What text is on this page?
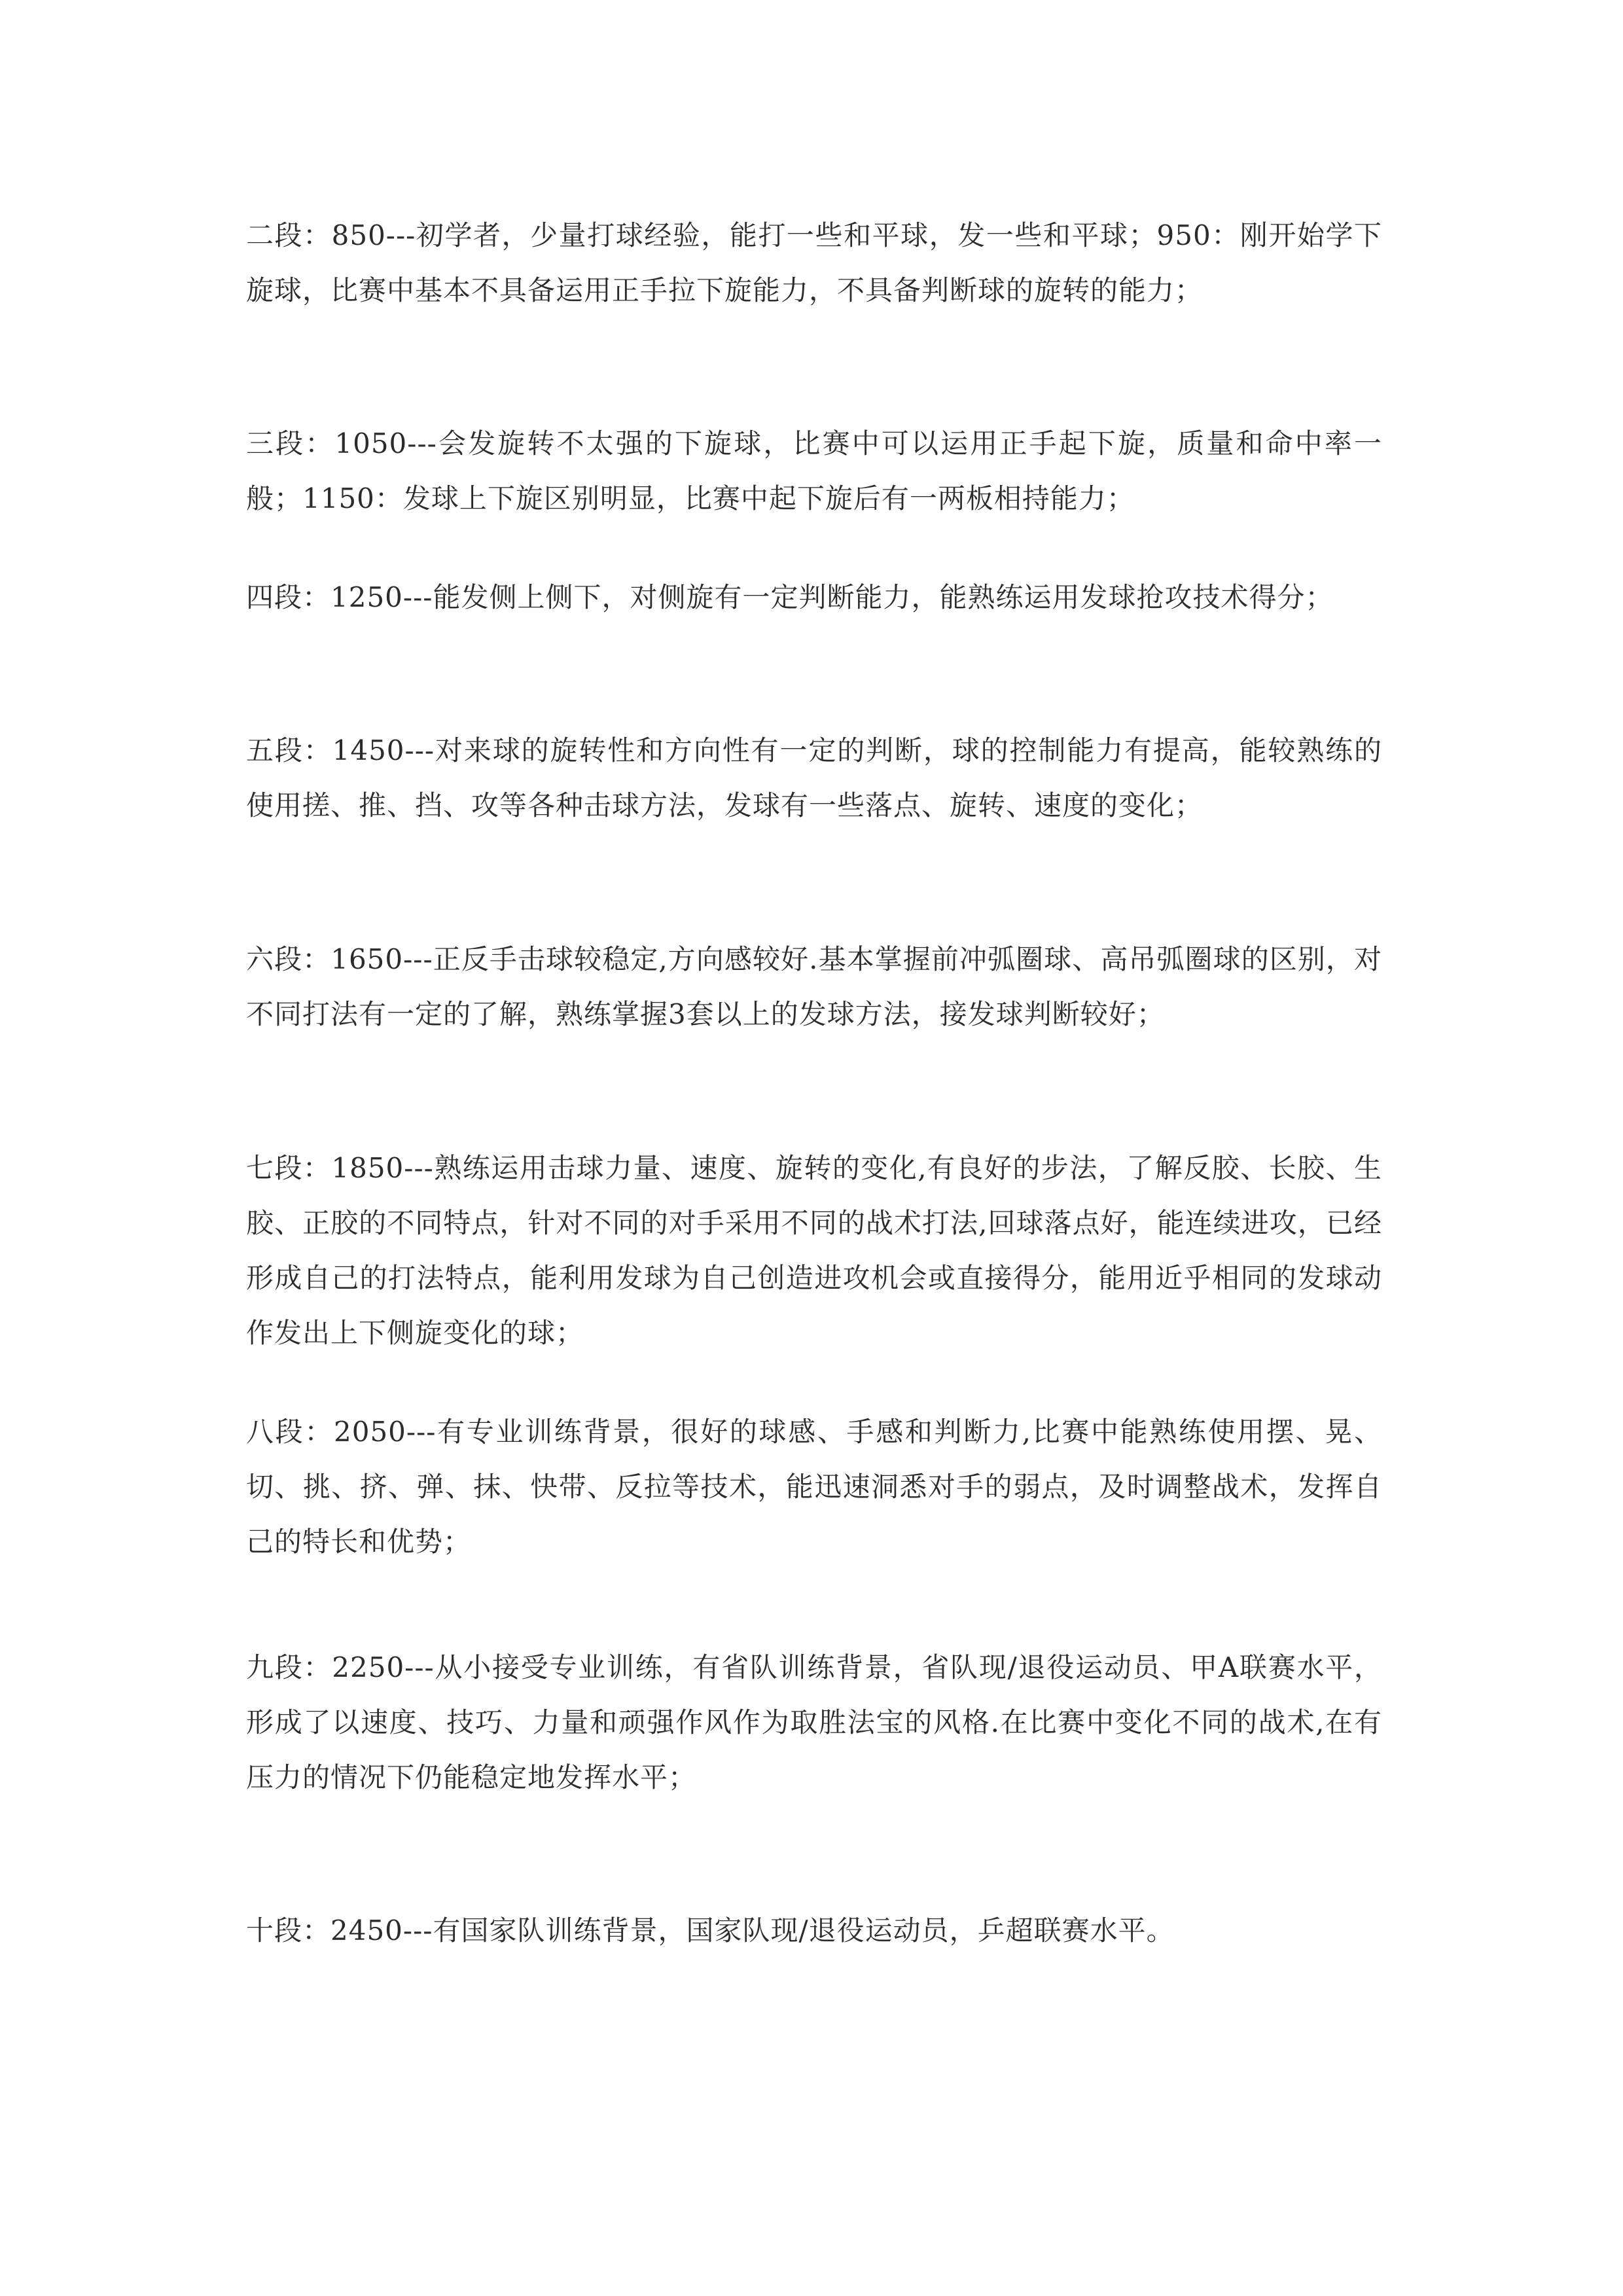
二段：850---初学者，少量打球经验，能打一些和平球，发一些和平球；950：刚开始学下旋球，比赛中基本不具备运用正手拉下旋能力，不具备判断球的旋转的能力；

三段：1050---会发旋转不太强的下旋球，比赛中可以运用正手起下旋，质量和命中率一般；1150：发球上下旋区别明显，比赛中起下旋后有一两板相持能力；

四段：1250---能发侧上侧下，对侧旋有一定判断能力，能熟练运用发球抢攻技术得分；

五段：1450---对来球的旋转性和方向性有一定的判断，球的控制能力有提高，能较熟练的使用搓、推、挡、攻等各种击球方法，发球有一些落点、旋转、速度的变化；

六段：1650---正反手击球较稳定,方向感较好.基本掌握前冲弧圈球、高吊弧圈球的区别，对不同打法有一定的了解，熟练掌握3套以上的发球方法，接发球判断较好；

七段：1850---熟练运用击球力量、速度、旋转的变化,有良好的步法，了解反胶、长胶、生胶、正胶的不同特点，针对不同的对手采用不同的战术打法,回球落点好，能连续进攻，已经形成自己的打法特点，能利用发球为自己创造进攻机会或直接得分，能用近乎相同的发球动作发出上下侧旋变化的球；

八段：2050---有专业训练背景，很好的球感、手感和判断力,比赛中能熟练使用摆、晃、切、挑、挤、弹、抹、快带、反拉等技术，能迅速洞悉对手的弱点，及时调整战术，发挥自己的特长和优势；

九段：2250---从小接受专业训练，有省队训练背景，省队现/退役运动员、甲A联赛水平，形成了以速度、技巧、力量和顽强作风作为取胜法宝的风格.在比赛中变化不同的战术,在有压力的情况下仍能稳定地发挥水平；

十段：2450---有国家队训练背景，国家队现/退役运动员，乒超联赛水平。
